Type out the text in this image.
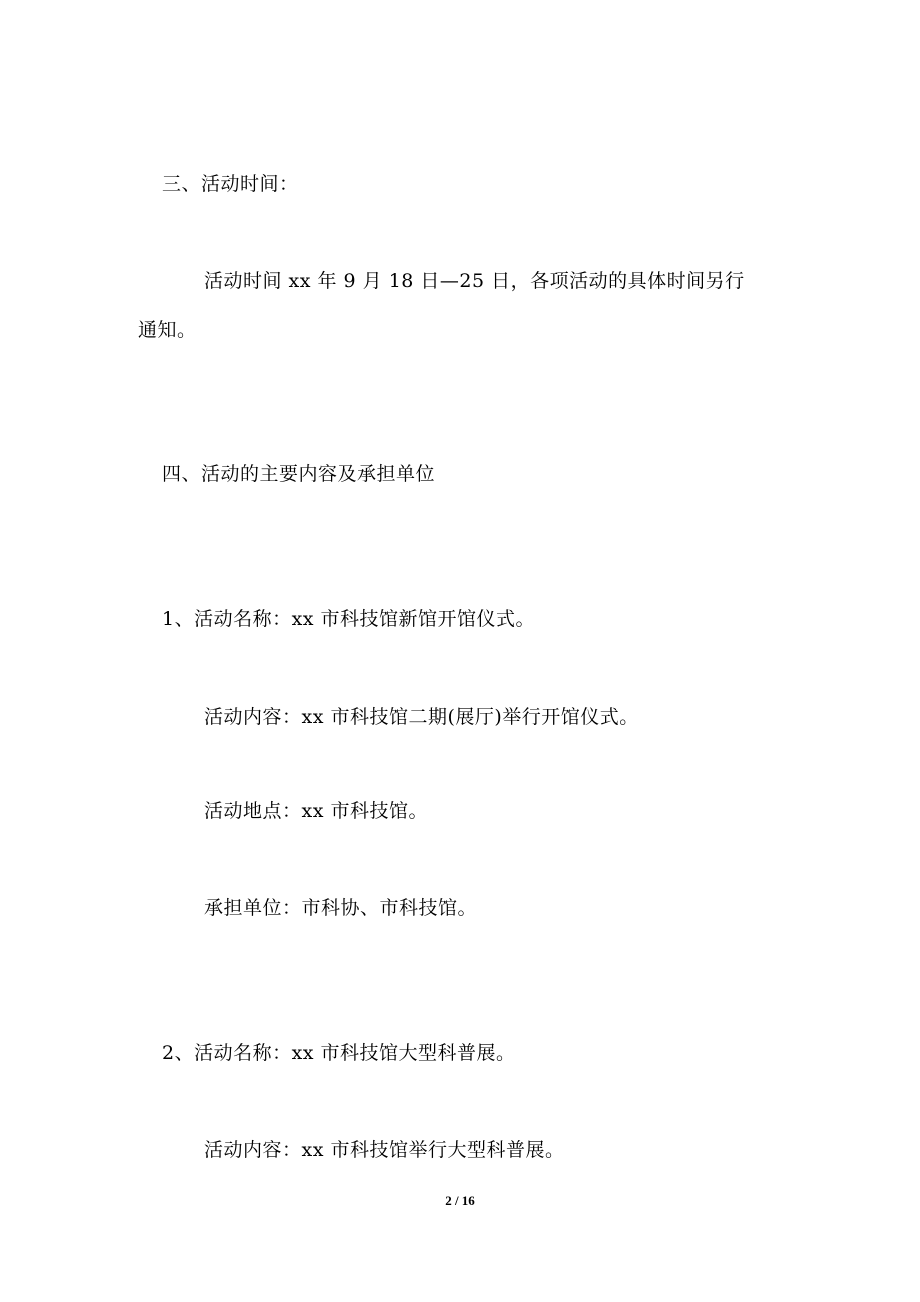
三、活动时间：

活动时间 xx 年 9 月 18 日—25 日，各项活动的具体时间另行

通知。

四、活动的主要内容及承担单位

1、活动名称：xx 市科技馆新馆开馆仪式。

活动内容：xx 市科技馆二期(展厅)举行开馆仪式。

活动地点：xx 市科技馆。

承担单位：市科协、市科技馆。

2、活动名称：xx 市科技馆大型科普展。

活动内容：xx 市科技馆举行大型科普展。

2 / 16
